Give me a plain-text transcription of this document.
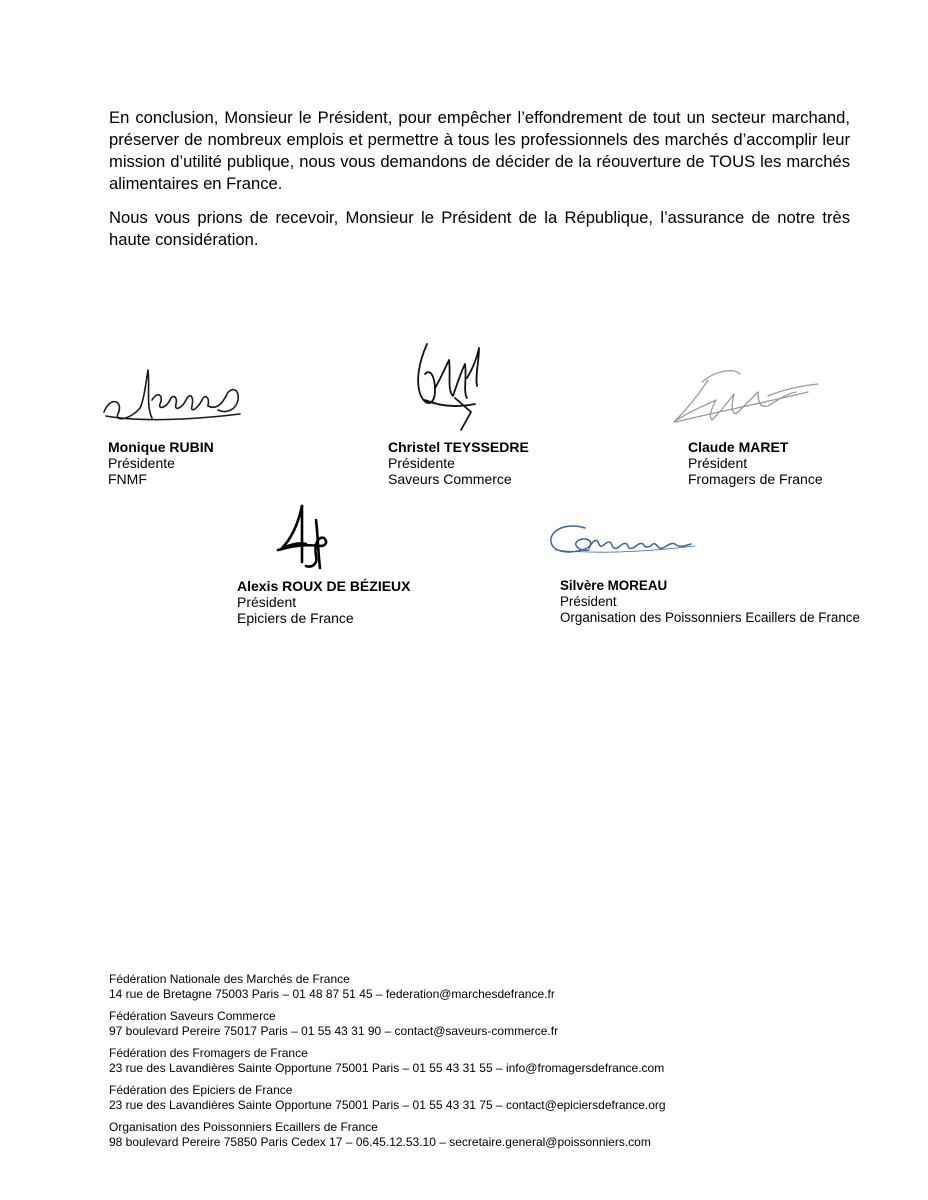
En conclusion, Monsieur le Président, pour empêcher l’effondrement de tout un secteur marchand, préserver de nombreux emplois et permettre à tous les professionnels des marchés d’accomplir leur mission d’utilité publique, nous vous demandons de décider de la réouverture de TOUS les marchés alimentaires en France.

Nous vous prions de recevoir, Monsieur le Président de la République, l’assurance de notre très haute considération.

Monique RUBIN
Présidente
FNMF
Christel TEYSSEDRE
Présidente
Saveurs Commerce
Claude MARET
Président
Fromagers de France
Alexis ROUX DE BÉZIEUX
Président
Epiciers de France
Silvère MOREAU
Président
Organisation des Poissonniers Ecaillers de France
Fédération Nationale des Marchés de France
14 rue de Bretagne 75003 Paris – 01 48 87 51 45 – federation@marchesdefrance.fr
Fédération Saveurs Commerce
97 boulevard Pereire 75017 Paris – 01 55 43 31 90 – contact@saveurs-commerce.fr
Fédération des Fromagers de France
23 rue des Lavandières Sainte Opportune 75001 Paris – 01 55 43 31 55 – info@fromagersdefrance.com
Fédération des Epiciers de France
23 rue des Lavandières Sainte Opportune 75001 Paris – 01 55 43 31 75 – contact@epiciersdefrance.org
Organisation des Poissonniers Ecaillers de France
98 boulevard Pereire 75850 Paris Cedex 17 – 06.45.12.53.10 – secretaire.general@poissonniers.com
